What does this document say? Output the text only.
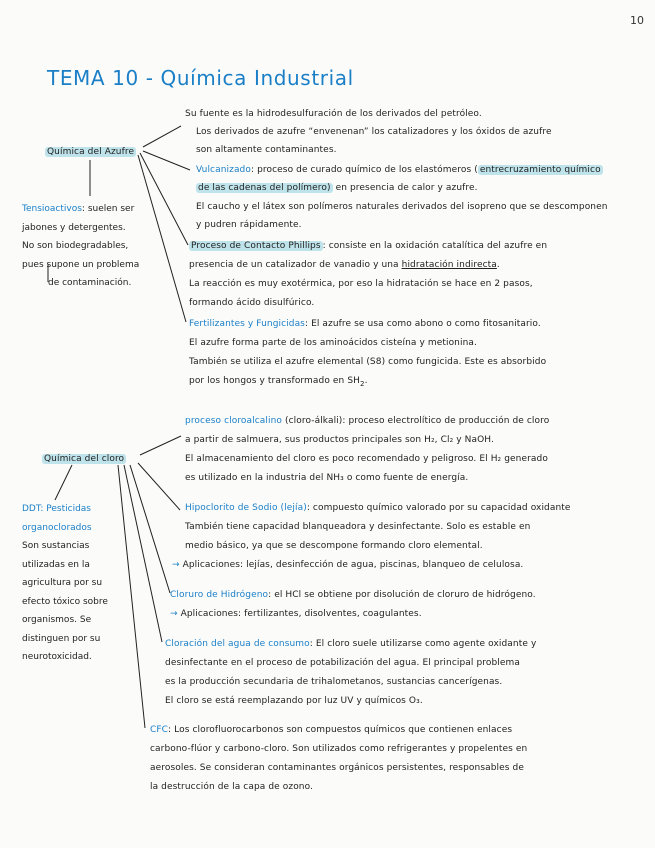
10
TEMA 10 - Química Industrial
Química del Azufre
Su fuente es la hidrodesulfuración de los derivados del petróleo.
Los derivados de azufre “envenenan” los catalizadores y los óxidos de azufre
son altamente contaminantes.
Vulcanizado: proceso de curado químico de los elastómeros ( entrecruzamiento químico
de las cadenas del polímero) en presencia de calor y azufre.
El caucho y el látex son polímeros naturales derivados del isopreno que se descomponen
y pudren rápidamente.
Proceso de Contacto Phillips : consiste en la oxidación catalítica del azufre en
presencia de un catalizador de vanadio y una hidratación indirecta.
La reacción es muy exotérmica, por eso la hidratación se hace en 2 pasos,
formando ácido disulfúrico.
Fertilizantes y Fungicidas: El azufre se usa como abono o como fitosanitario.
El azufre forma parte de los aminoácidos cisteína y metionina.
También se utiliza el azufre elemental (S8) como fungicida. Este es absorbido
por los hongos y transformado en $SH_2$.
Tensioactivos: suelen ser
jabones y detergentes.
No son biodegradables,
pues supone un problema
de contaminación.
Química del cloro
proceso cloroalcalino (cloro-álkali): proceso electrolítico de producción de cloro
a partir de salmuera, sus productos principales son H₂, Cl₂ y NaOH.
El almacenamiento del cloro es poco recomendado y peligroso. El H₂ generado
es utilizado en la industria del NH₃ o como fuente de energía.
Hipoclorito de Sodio (lejía): compuesto químico valorado por su capacidad oxidante
También tiene capacidad blanqueadora y desinfectante. Solo es estable en
medio básico, ya que se descompone formando cloro elemental.
→ Aplicaciones: lejías, desinfección de agua, piscinas, blanqueo de celulosa.
Cloruro de Hidrógeno: el HCl se obtiene por disolución de cloruro de hidrógeno.
→ Aplicaciones: fertilizantes, disolventes, coagulantes.
Cloración del agua de consumo: El cloro suele utilizarse como agente oxidante y
desinfectante en el proceso de potabilización del agua. El principal problema
es la producción secundaria de trihalometanos, sustancias cancerígenas.
El cloro se está reemplazando por luz UV y químicos O₃.
CFC: Los clorofluorocarbonos son compuestos químicos que contienen enlaces
carbono-flúor y carbono-cloro. Son utilizados como refrigerantes y propelentes en
aerosoles. Se consideran contaminantes orgánicos persistentes, responsables de
la destrucción de la capa de ozono.
DDT: Pesticidas
organoclorados
Son sustancias
utilizadas en la
agricultura por su
efecto tóxico sobre
organismos. Se
distinguen por su
neurotoxicidad.
